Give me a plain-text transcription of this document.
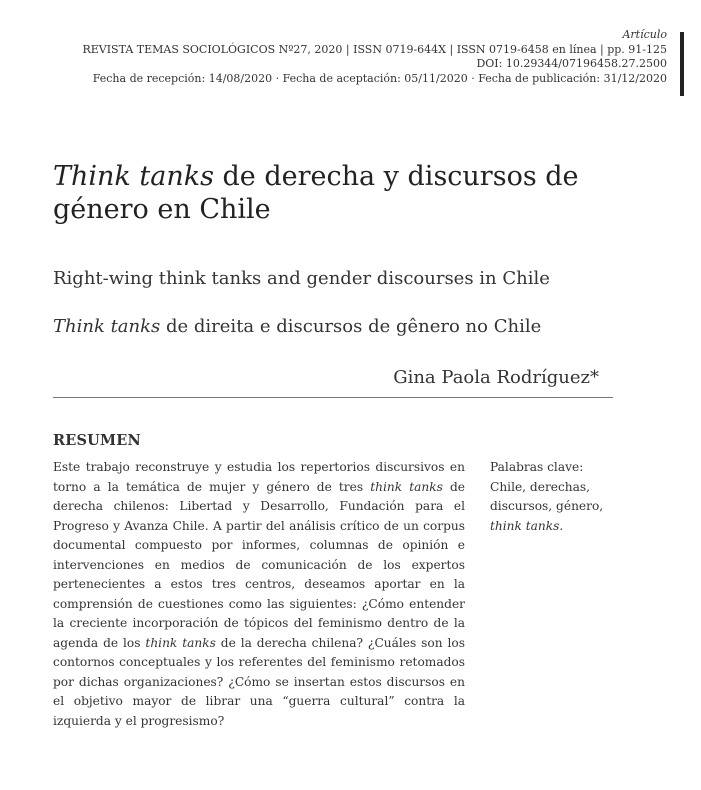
Artículo
REVISTA TEMAS SOCIOLÓGICOS Nº27, 2020 | ISSN 0719-644X | ISSN 0719-6458 en línea | pp. 91-125
DOI: 10.29344/07196458.27.2500
Fecha de recepción: 14/08/2020 · Fecha de aceptación: 05/11/2020 · Fecha de publicación: 31/12/2020
Think tanks de derecha y discursos de género en Chile

Right-wing think tanks and gender discourses in Chile

Think tanks de direita e discursos de gênero no Chile

Gina Paola Rodríguez*
RESUMEN

Este trabajo reconstruye y estudia los repertorios discursivos en torno a la temática de mujer y género de tres think tanks de derecha chilenos: Libertad y Desarrollo, Fundación para el Progreso y Avanza Chile. A partir del análisis crítico de un corpus documental compuesto por informes, columnas de opinión e intervenciones en medios de comunicación de los expertos pertenecientes a estos tres centros, deseamos aportar en la comprensión de cuestiones como las siguientes: ¿Cómo entender la creciente incorporación de tópicos del feminismo dentro de la agenda de los think tanks de la derecha chilena? ¿Cuáles son los contornos conceptuales y los referentes del feminismo retomados por dichas organizaciones? ¿Cómo se insertan estos discursos en el objetivo mayor de librar una “guerra cultural” contra la izquierda y el progresismo?

Palabras clave:
Chile, derechas, discursos, género,
think tanks.
